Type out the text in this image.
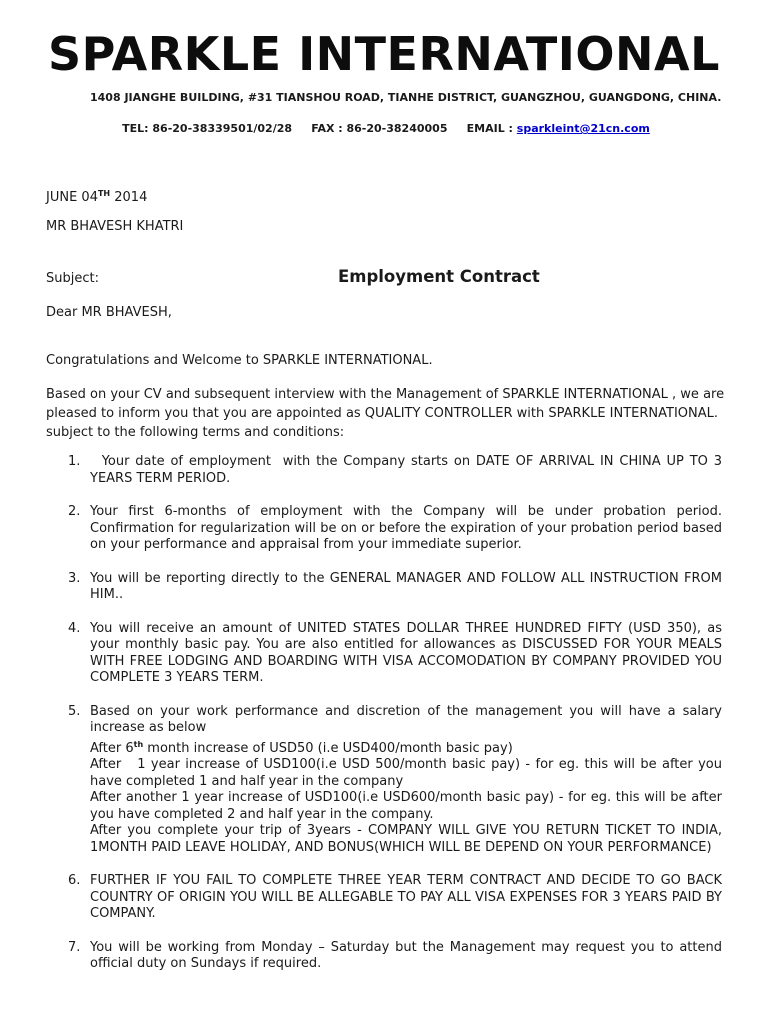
SPARKLE INTERNATIONAL

1408 JIANGHE BUILDING, #31 TIANSHOU ROAD, TIANHE DISTRICT, GUANGZHOU, GUANGDONG, CHINA.

TEL: 86-20-38339501/02/28 FAX : 86-20-38240005 EMAIL : sparkleint@21cn.com

JUNE 04TH 2014

MR BHAVESH KHATRI

Subject:	Employment Contract

Dear MR BHAVESH,

Congratulations and Welcome to SPARKLE INTERNATIONAL.

Based on your CV and subsequent interview with the Management of SPARKLE INTERNATIONAL , we are pleased to inform you that you are appointed as QUALITY CONTROLLER with SPARKLE INTERNATIONAL. subject to the following terms and conditions:

1. Your date of employment  with the Company starts on DATE OF ARRIVAL IN CHINA UP TO 3 YEARS TERM PERIOD.
2. Your first 6-months of employment with the Company will be under probation period. Confirmation for regularization will be on or before the expiration of your probation period based on your performance and appraisal from your immediate superior.
3. You will be reporting directly to the GENERAL MANAGER AND FOLLOW ALL INSTRUCTION FROM HIM..
4. You will receive an amount of UNITED STATES DOLLAR THREE HUNDRED FIFTY (USD 350), as your monthly basic pay. You are also entitled for allowances as DISCUSSED FOR YOUR MEALS WITH FREE LODGING AND BOARDING WITH VISA ACCOMODATION BY COMPANY PROVIDED YOU COMPLETE 3 YEARS TERM.
5. Based on your work performance and discretion of the management you will have a salary increase as below
After 6th month increase of USD50 (i.e USD400/month basic pay)
After   1 year increase of USD100(i.e USD 500/month basic pay) - for eg. this will be after you have completed 1 and half year in the company
After another 1 year increase of USD100(i.e USD600/month basic pay) - for eg. this will be after you have completed 2 and half year in the company.
After you complete your trip of 3years - COMPANY WILL GIVE YOU RETURN TICKET TO INDIA, 1MONTH PAID LEAVE HOLIDAY, AND BONUS(WHICH WILL BE DEPEND ON YOUR PERFORMANCE)
6. FURTHER IF YOU FAIL TO COMPLETE THREE YEAR TERM CONTRACT AND DECIDE TO GO BACK COUNTRY OF ORIGIN YOU WILL BE ALLEGABLE TO PAY ALL VISA EXPENSES FOR 3 YEARS PAID BY COMPANY.
7. You will be working from Monday – Saturday but the Management may request you to attend official duty on Sundays if required.
